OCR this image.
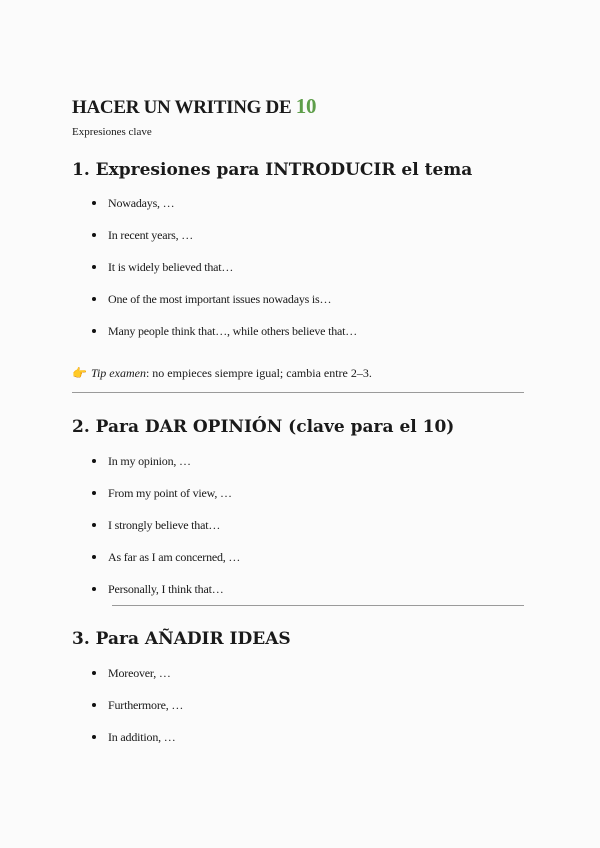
HACER UN WRITING DE 10

Expresiones clave

1. Expresiones para INTRODUCIR el tema
Nowadays, …
In recent years, …
It is widely believed that…
One of the most important issues nowadays is…
Many people think that…, while others believe that…
👉 Tip examen: no empieces siempre igual; cambia entre 2–3.
2. Para DAR OPINIÓN (clave para el 10)
In my opinion, …
From my point of view, …
I strongly believe that…
As far as I am concerned, …
Personally, I think that…
3. Para AÑADIR IDEAS
Moreover, …
Furthermore, …
In addition, …
